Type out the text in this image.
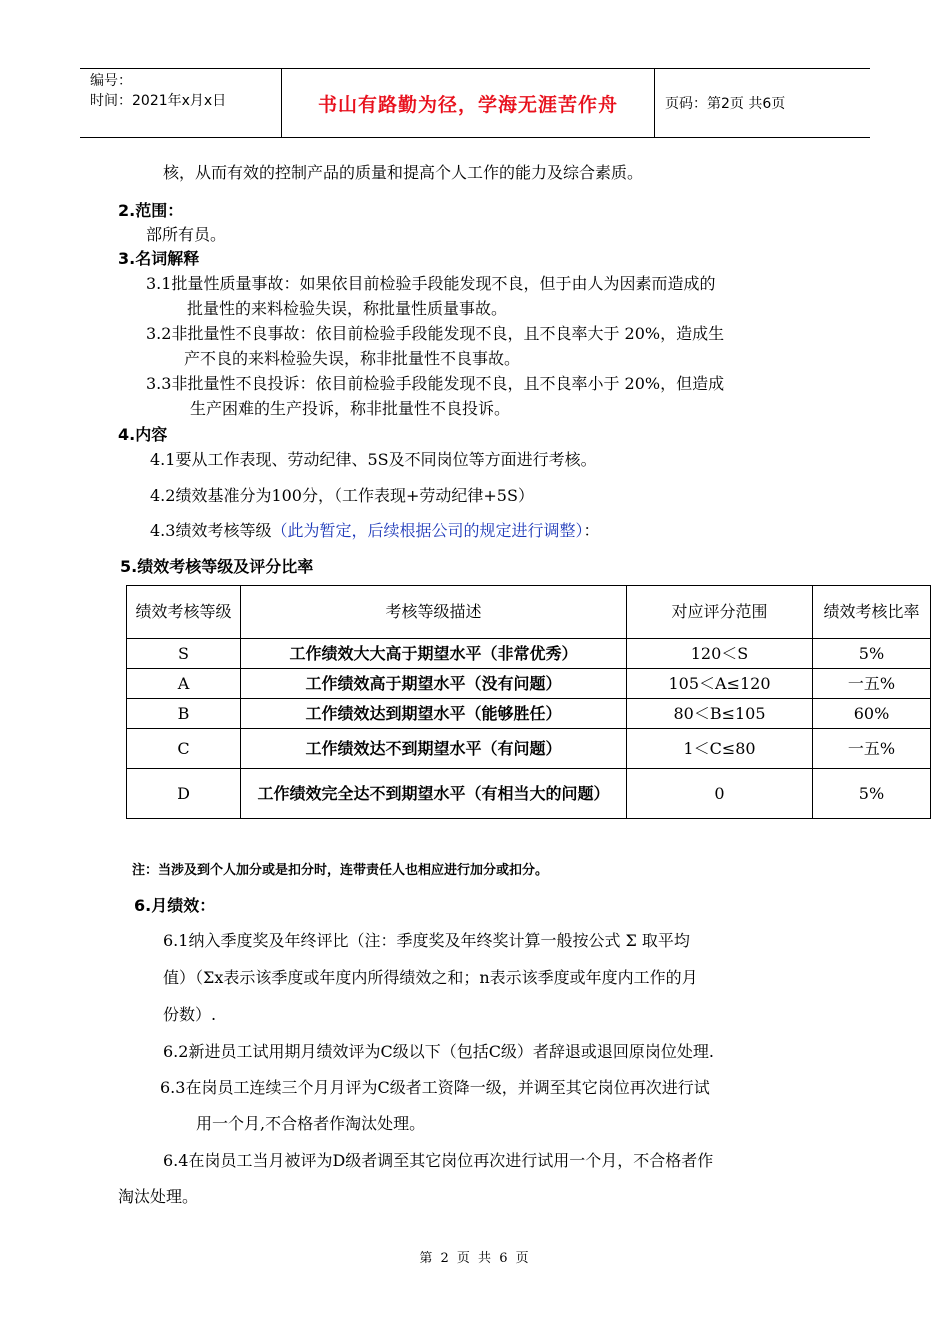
编号：
时间：2021年x月x日	书山有路勤为径，学海无涯苦作舟	页码：第2页 共6页
核，从而有效的控制产品的质量和提高个人工作的能力及综合素质。
2.范围：
部所有员。
3.名词解释
3.1批量性质量事故：如果依目前检验手段能发现不良，但于由人为因素而造成的
批量性的来料检验失误，称批量性质量事故。
3.2非批量性不良事故：依目前检验手段能发现不良，且不良率大于 20%，造成生
产不良的来料检验失误，称非批量性不良事故。
3.3非批量性不良投诉：依目前检验手段能发现不良，且不良率小于 20%，但造成
生产困难的生产投诉，称非批量性不良投诉。
4.内容
4.1要从工作表现、劳动纪律、5S及不同岗位等方面进行考核。
4.2绩效基准分为100分，（工作表现+劳动纪律+5S）
4.3绩效考核等级（此为暂定，后续根据公司的规定进行调整）：
5.绩效考核等级及评分比率
绩效考核等级	考核等级描述	对应评分范围	绩效考核比率
S	工作绩效大大高于期望水平（非常优秀）	120＜S	5%
A	工作绩效高于期望水平（没有问题）	105＜A≤120	一五%
B	工作绩效达到期望水平（能够胜任）	80＜B≤105	60%
C	工作绩效达不到期望水平（有问题）	1＜C≤80	一五%
D	工作绩效完全达不到期望水平（有相当大的问题）	0	5%
注：当涉及到个人加分或是扣分时，连带责任人也相应进行加分或扣分。
6.月绩效：
6.1纳入季度奖及年终评比（注：季度奖及年终奖计算一般按公式 Σ 取平均
值）（Σx表示该季度或年度内所得绩效之和；n表示该季度或年度内工作的月
份数）.
6.2新进员工试用期月绩效评为C级以下（包括C级）者辞退或退回原岗位处理.
6.3在岗员工连续三个月月评为C级者工资降一级，并调至其它岗位再次进行试
用一个月,不合格者作淘汰处理。
6.4在岗员工当月被评为D级者调至其它岗位再次进行试用一个月，不合格者作
淘汰处理。
第 2 页 共 6 页
